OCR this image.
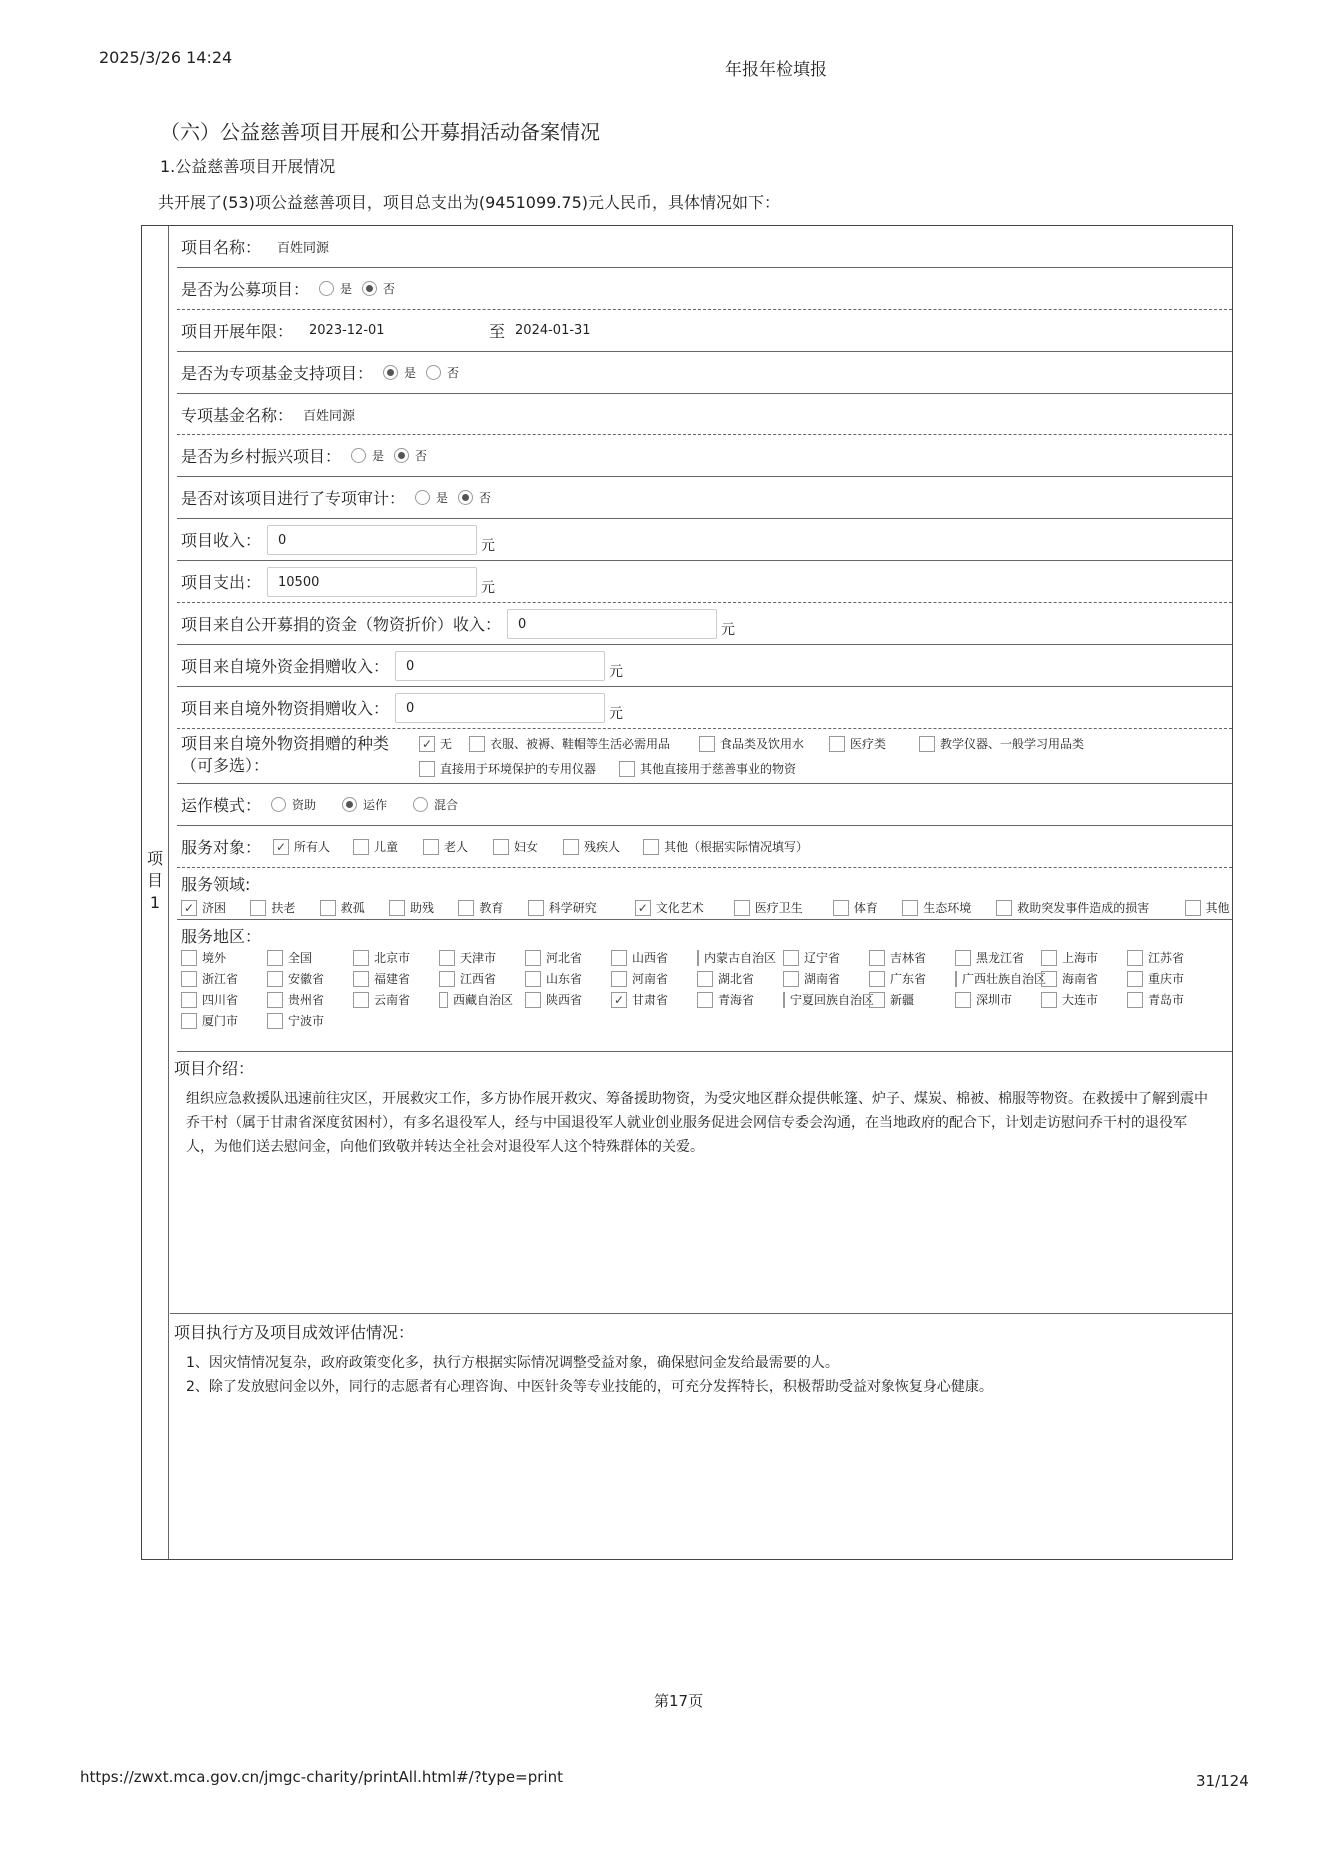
2025/3/26 14:24
年报年检填报
（六）公益慈善项目开展和公开募捐活动备案情况
1.公益慈善项目开展情况
共开展了(53)项公益慈善项目，项目总支出为(9451099.75)元人民币，具体情况如下：
项目1
项目名称： 百姓同源
是否为公募项目：	是	否
项目开展年限： 2023-12-01	至 2024-01-31
是否为专项基金支持项目：	是	否
专项基金名称： 百姓同源
是否为乡村振兴项目：	是	否
是否对该项目进行了专项审计：	是	否
项目收入：	0	元
项目支出：	10500	元
项目来自公开募捐的资金（物资折价）收入：	0	元
项目来自境外资金捐赠收入：	0	元
项目来自境外物资捐赠收入：	0	元
项目来自境外物资捐赠的种类
（可多选）：
✓ 无	衣服、被褥、鞋帽等生活必需用品	食品类及饮用水	医疗类	教学仪器、一般学习用品类
直接用于环境保护的专用仪器	其他直接用于慈善事业的物资
运作模式：	资助	运作	混合
服务对象： ✓ 所有人	儿童	老人	妇女	残疾人	其他（根据实际情况填写）
服务领域:
✓ 济困	扶老	救孤	助残	教育	科学研究	✓ 文化艺术	医疗卫生	体育	生态环境	救助突发事件造成的损害	其他
服务地区：
境外	全国	北京市	天津市	河北省	山西省	内蒙古自治区 辽宁省	吉林省	黑龙江省	上海市	江苏省
浙江省	安徽省	福建省	江西省	山东省	河南省	湖北省	湖南省	广东省	广西壮族自治区 海南省	重庆市
四川省	贵州省	云南省	西藏自治区	陕西省	✓ 甘肃省	青海省	宁夏回族自治区 新疆	深圳市	大连市	青岛市
厦门市	宁波市
项目介绍：
组织应急救援队迅速前往灾区，开展救灾工作，多方协作展开救灾、筹备援助物资，为受灾地区群众提供帐篷、炉子、煤炭、棉被、棉服等物资。在救援中了解到震中乔干村（属于甘肃省深度贫困村），有多名退役军人，经与中国退役军人就业创业服务促进会网信专委会沟通，在当地政府的配合下，计划走访慰问乔干村的退役军人，为他们送去慰问金，向他们致敬并转达全社会对退役军人这个特殊群体的关爱。
项目执行方及项目成效评估情况：
1、因灾情情况复杂，政府政策变化多，执行方根据实际情况调整受益对象，确保慰问金发给最需要的人。
2、除了发放慰问金以外，同行的志愿者有心理咨询、中医针灸等专业技能的，可充分发挥特长，积极帮助受益对象恢复身心健康。
第17页
https://zwxt.mca.gov.cn/jmgc-charity/printAll.html#/?type=print	31/124
